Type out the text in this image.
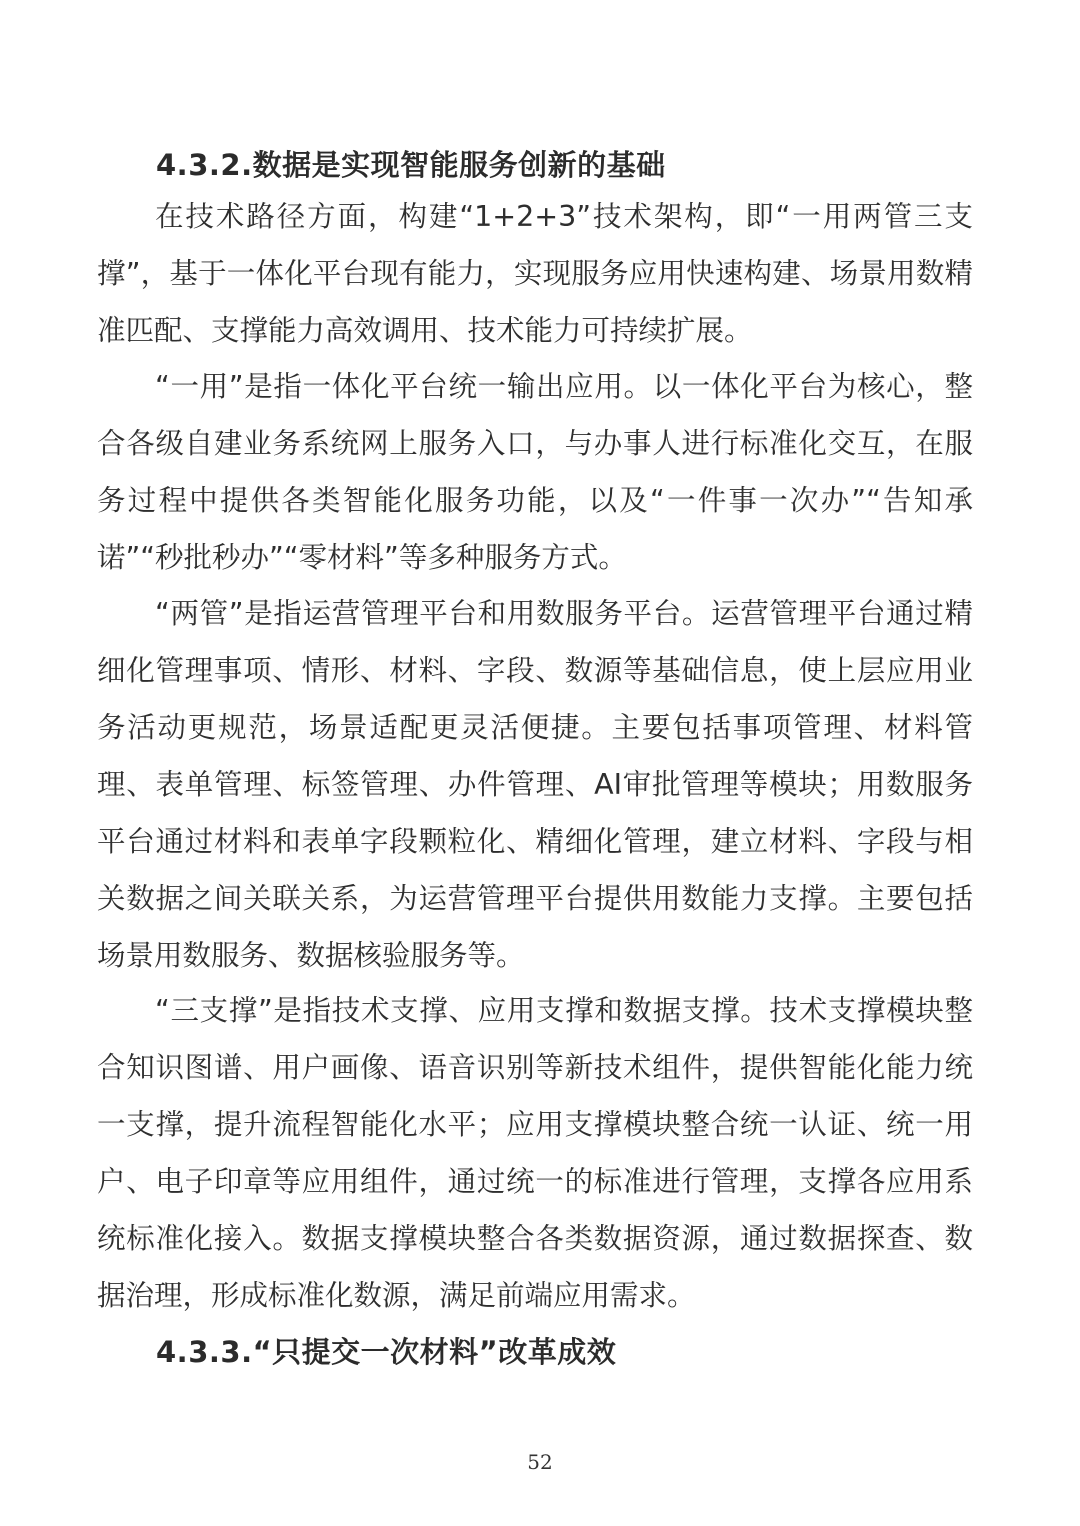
4.3.2.数据是实现智能服务创新的基础

在技术路径方面，构建“1+2+3”技术架构，即“一用两管三支撑”，基于一体化平台现有能力，实现服务应用快速构建、场景用数精准匹配、支撑能力高效调用、技术能力可持续扩展。

“一用”是指一体化平台统一输出应用。以一体化平台为核心，整合各级自建业务系统网上服务入口，与办事人进行标准化交互，在服务过程中提供各类智能化服务功能，以及“一件事一次办”“告知承诺”“秒批秒办”“零材料”等多种服务方式。

“两管”是指运营管理平台和用数服务平台。运营管理平台通过精细化管理事项、情形、材料、字段、数源等基础信息，使上层应用业务活动更规范，场景适配更灵活便捷。主要包括事项管理、材料管理、表单管理、标签管理、办件管理、AI审批管理等模块；用数服务平台通过材料和表单字段颗粒化、精细化管理，建立材料、字段与相关数据之间关联关系，为运营管理平台提供用数能力支撑。主要包括场景用数服务、数据核验服务等。

“三支撑”是指技术支撑、应用支撑和数据支撑。技术支撑模块整合知识图谱、用户画像、语音识别等新技术组件，提供智能化能力统一支撑，提升流程智能化水平；应用支撑模块整合统一认证、统一用户、电子印章等应用组件，通过统一的标准进行管理，支撑各应用系统标准化接入。数据支撑模块整合各类数据资源，通过数据探查、数据治理，形成标准化数源，满足前端应用需求。

4.3.3.“只提交一次材料”改革成效
52
